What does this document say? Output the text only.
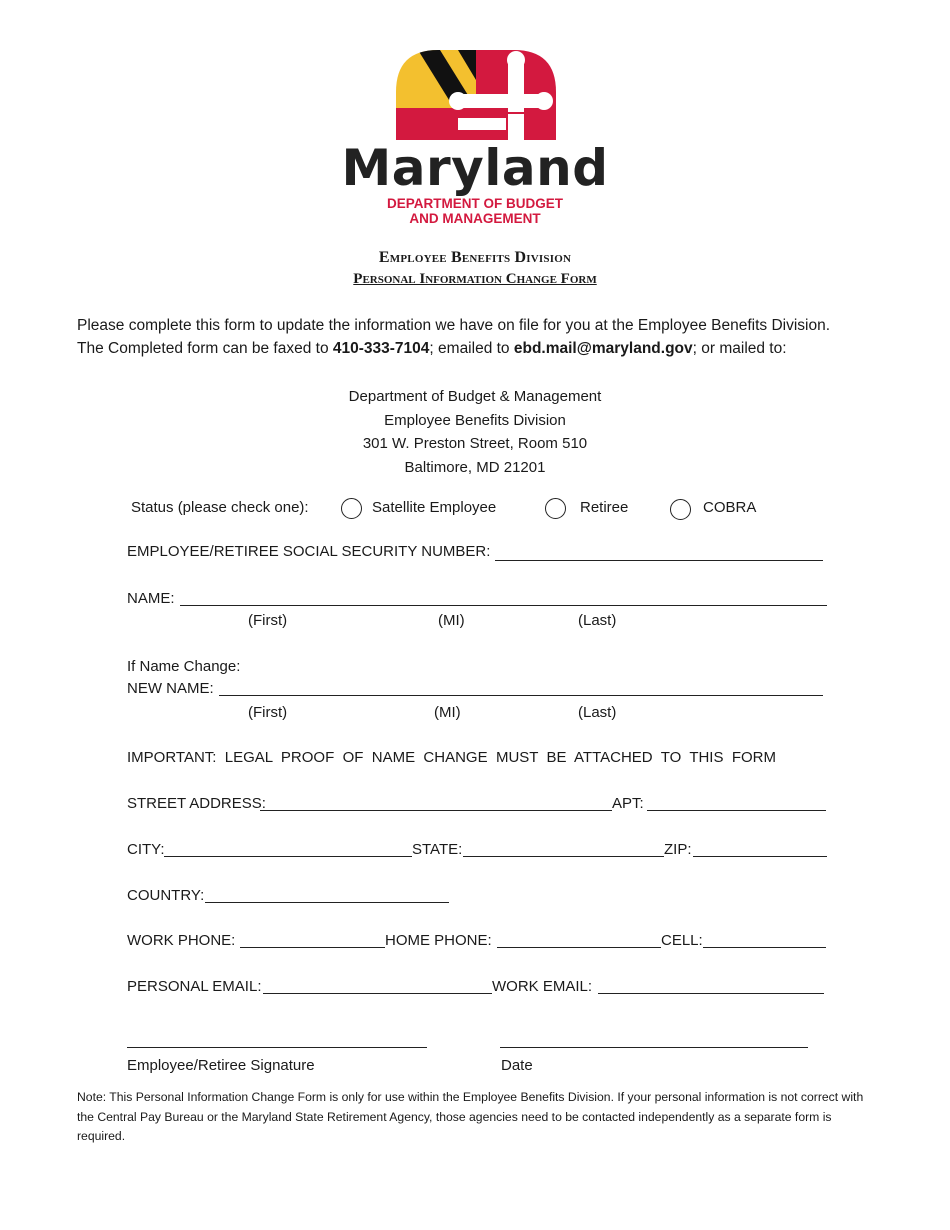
Maryland
DEPARTMENT OF BUDGET
AND MANAGEMENT
Employee Benefits Division
Personal Information Change Form
Please complete this form to update the information we have on file for you at the Employee Benefits Division.
The Completed form can be faxed to 410-333-7104; emailed to ebd.mail@maryland.gov; or mailed to:
Department of Budget & Management
Employee Benefits Division
301 W. Preston Street, Room 510
Baltimore, MD 21201
Status (please check one):	Satellite Employee	Retiree	COBRA
EMPLOYEE/RETIREE SOCIAL SECURITY NUMBER:
NAME:
(First)	(MI)	(Last)
If Name Change:
NEW NAME:
(First)	(MI)	(Last)
IMPORTANT:  LEGAL  PROOF  OF  NAME  CHANGE  MUST  BE  ATTACHED  TO  THIS  FORM
STREET ADDRESS:	APT:
CITY:	STATE:	ZIP:
COUNTRY:
WORK PHONE:	HOME PHONE:	CELL:
PERSONAL EMAIL:	WORK EMAIL:
Employee/Retiree Signature	Date
Note: This Personal Information Change Form is only for use within the Employee Benefits Division. If your personal information is not correct with the Central Pay Bureau or the Maryland State Retirement Agency, those agencies need to be contacted independently as a separate form is required.
